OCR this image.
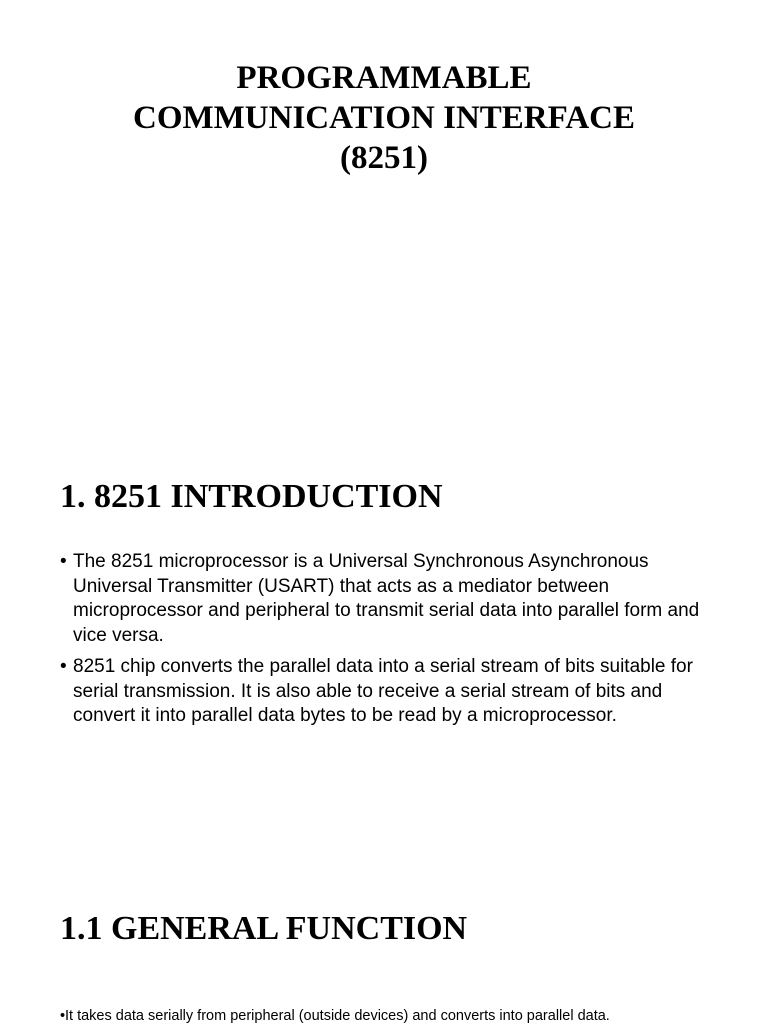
PROGRAMMABLE
COMMUNICATION INTERFACE
(8251)
1. 8251 INTRODUCTION
• The 8251 microprocessor is a Universal Synchronous Asynchronous Universal Transmitter (USART) that acts as a mediator between microprocessor and peripheral to transmit serial data into parallel form and vice versa.
• 8251 chip converts the parallel data into a serial stream of bits suitable for serial transmission. It is also able to receive a serial stream of bits and convert it into parallel data bytes to be read by a microprocessor.
1.1 GENERAL FUNCTION
• It takes data serially from peripheral (outside devices) and converts into parallel data.
